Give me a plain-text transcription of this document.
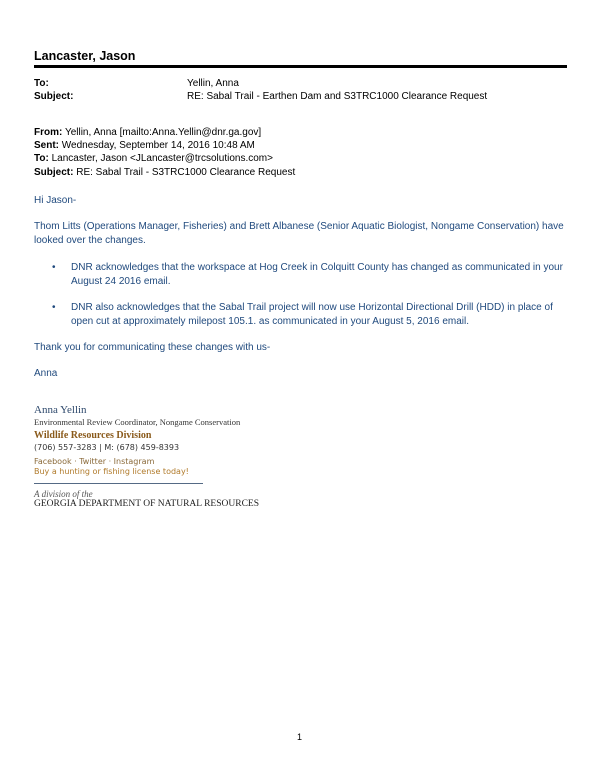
Lancaster, Jason
To:	Yellin, Anna
Subject:	RE: Sabal Trail - Earthen Dam and S3TRC1000 Clearance Request
From: Yellin, Anna [mailto:Anna.Yellin@dnr.ga.gov]
Sent: Wednesday, September 14, 2016 10:48 AM
To: Lancaster, Jason <JLancaster@trcsolutions.com>
Subject: RE: Sabal Trail - S3TRC1000 Clearance Request
Hi Jason-
Thom Litts (Operations Manager, Fisheries) and Brett Albanese (Senior Aquatic Biologist, Nongame Conservation) have
looked over the changes.
• DNR acknowledges that the workspace at Hog Creek in Colquitt County has changed as communicated in your
August 24 2016 email.
• DNR also acknowledges that the Sabal Trail project will now use Horizontal Directional Drill (HDD) in place of
open cut at approximately milepost 105.1. as communicated in your August 5, 2016 email.
Thank you for communicating these changes with us-
Anna
Anna Yellin
Environmental Review Coordinator, Nongame Conservation
Wildlife Resources Division
(706) 557-3283 | M: (678) 459-8393
Facebook · Twitter · Instagram
Buy a hunting or fishing license today!
A division of the
GEORGIA DEPARTMENT OF NATURAL RESOURCES
1
